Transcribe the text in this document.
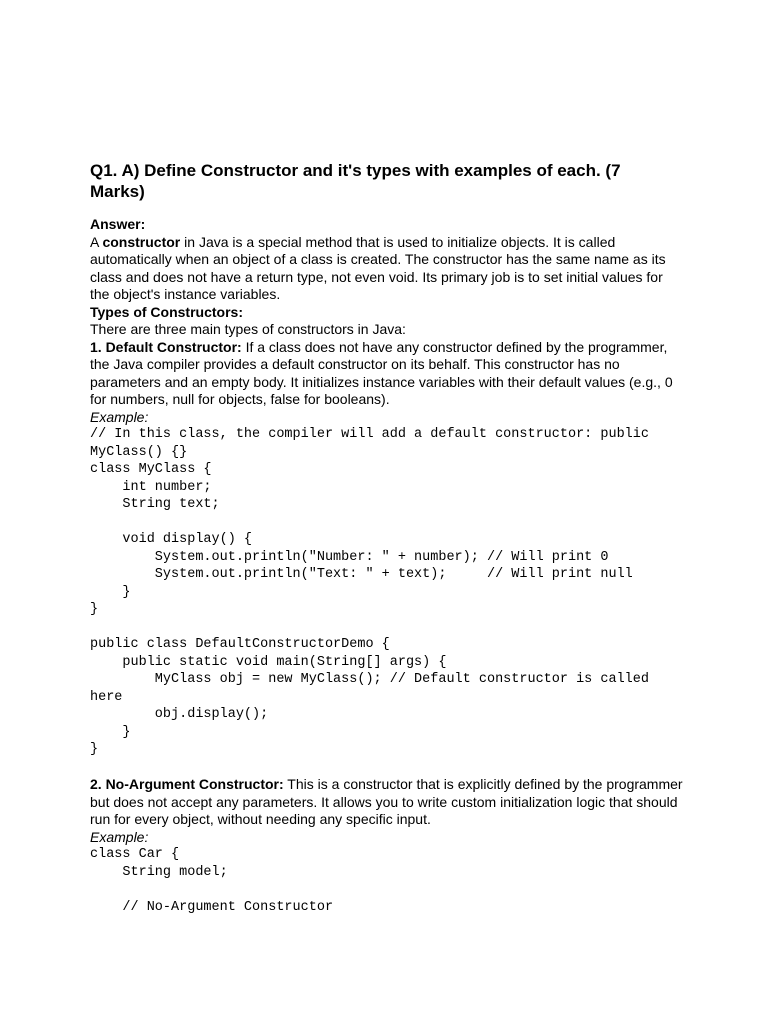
Q1. A) Define Constructor and it's types with examples of each. (7
Marks)

Answer:

A constructor in Java is a special method that is used to initialize objects. It is called

automatically when an object of a class is created. The constructor has the same name as its

class and does not have a return type, not even void. Its primary job is to set initial values for

the object's instance variables.

Types of Constructors:

There are three main types of constructors in Java:

1. Default Constructor: If a class does not have any constructor defined by the programmer,

the Java compiler provides a default constructor on its behalf. This constructor has no

parameters and an empty body. It initializes instance variables with their default values (e.g., 0

for numbers, null for objects, false for booleans).

Example:

// In this class, the compiler will add a default constructor: public

MyClass() {}

class MyClass {

int number;

String text;

void display() {

System.out.println("Number: " + number); // Will print 0

System.out.println("Text: " + text);     // Will print null

}

}

public class DefaultConstructorDemo {

public static void main(String[] args) {

MyClass obj = new MyClass(); // Default constructor is called

here

obj.display();

}

}

2. No-Argument Constructor: This is a constructor that is explicitly defined by the programmer

but does not accept any parameters. It allows you to write custom initialization logic that should

run for every object, without needing any specific input.

Example:

class Car {

String model;

// No-Argument Constructor
